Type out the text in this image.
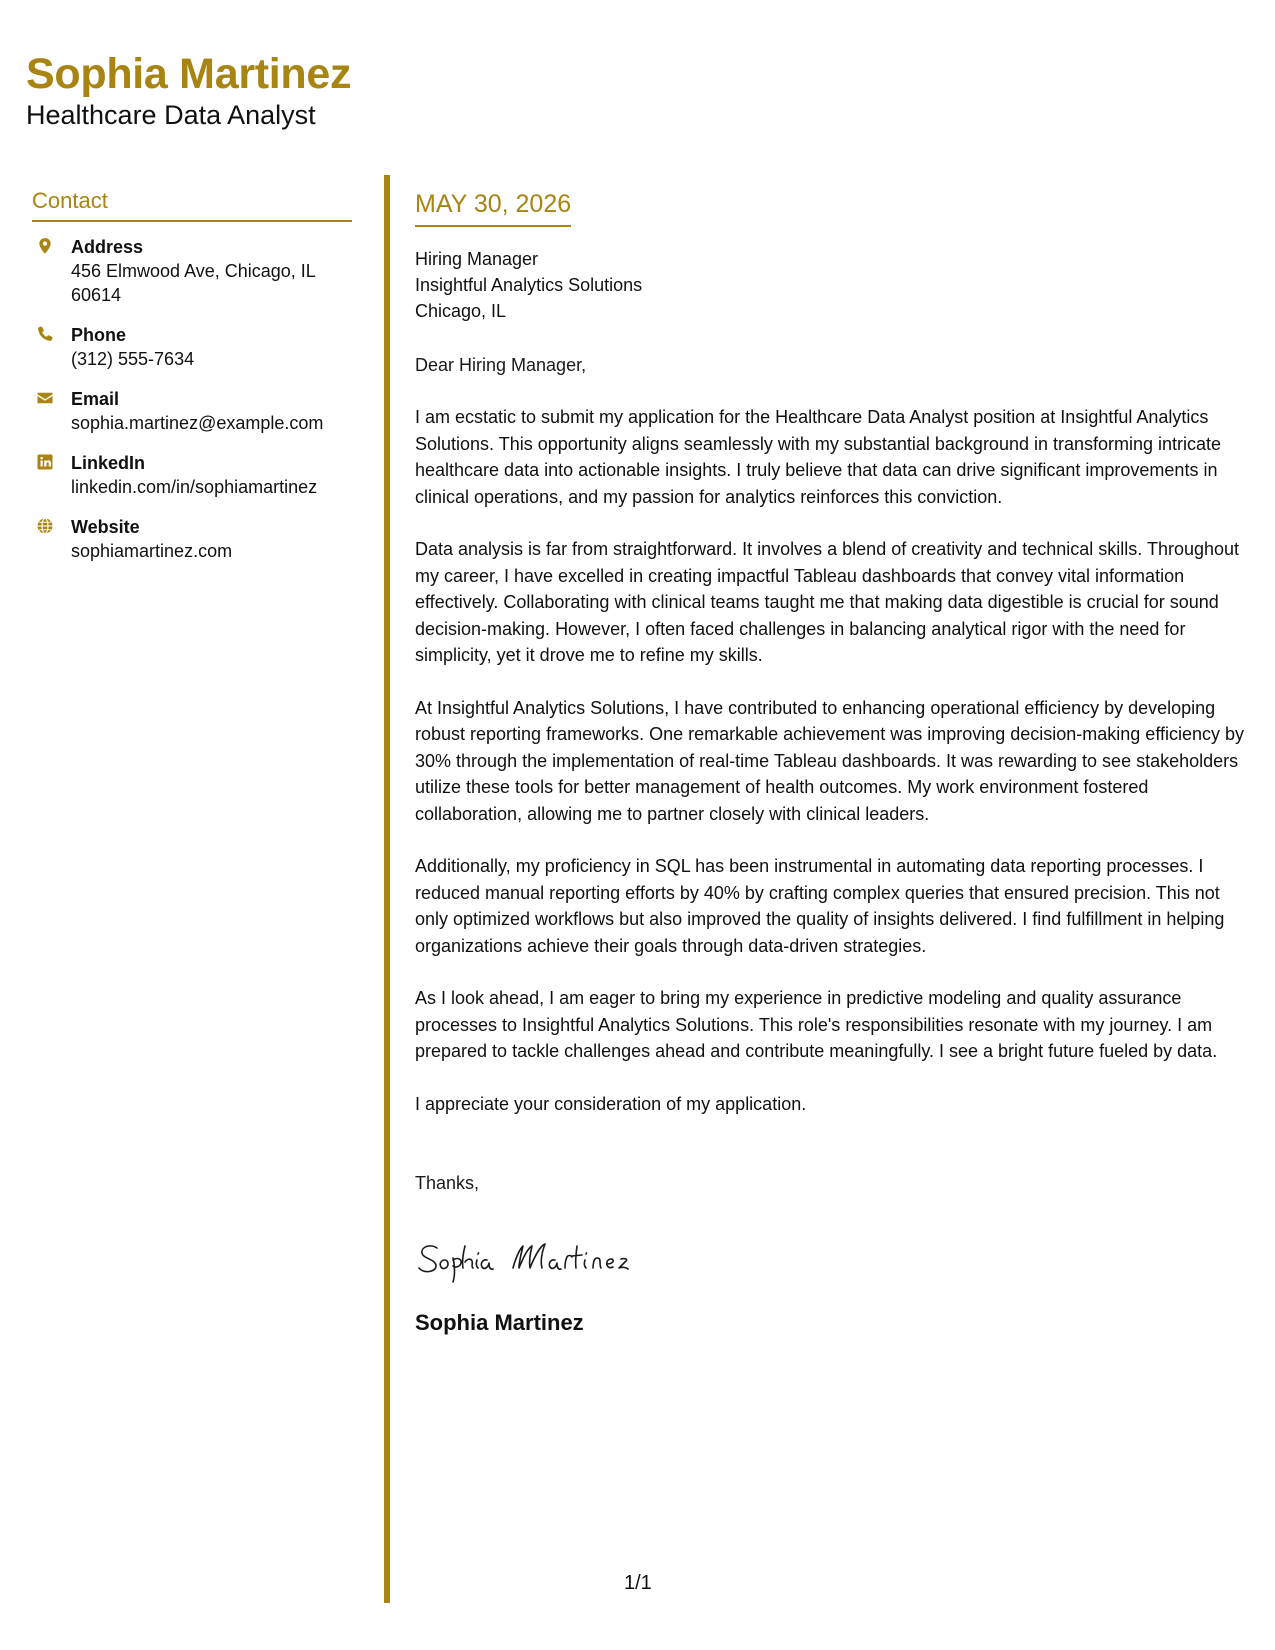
Sophia Martinez
Healthcare Data Analyst
Contact
Address
456 Elmwood Ave, Chicago, IL 60614
Phone
(312) 555-7634
Email
sophia.martinez@example.com
LinkedIn
linkedin.com/in/sophiamartinez
Website
sophiamartinez.com
MAY 30, 2026
Hiring Manager
Insightful Analytics Solutions
Chicago, IL
Dear Hiring Manager,
I am ecstatic to submit my application for the Healthcare Data Analyst position at Insightful Analytics Solutions. This opportunity aligns seamlessly with my substantial background in transforming intricate healthcare data into actionable insights. I truly believe that data can drive significant improvements in clinical operations, and my passion for analytics reinforces this conviction.
Data analysis is far from straightforward. It involves a blend of creativity and technical skills. Throughout my career, I have excelled in creating impactful Tableau dashboards that convey vital information effectively. Collaborating with clinical teams taught me that making data digestible is crucial for sound decision-making. However, I often faced challenges in balancing analytical rigor with the need for simplicity, yet it drove me to refine my skills.
At Insightful Analytics Solutions, I have contributed to enhancing operational efficiency by developing robust reporting frameworks. One remarkable achievement was improving decision-making efficiency by 30% through the implementation of real-time Tableau dashboards. It was rewarding to see stakeholders utilize these tools for better management of health outcomes. My work environment fostered collaboration, allowing me to partner closely with clinical leaders.
Additionally, my proficiency in SQL has been instrumental in automating data reporting processes. I reduced manual reporting efforts by 40% by crafting complex queries that ensured precision. This not only optimized workflows but also improved the quality of insights delivered. I find fulfillment in helping organizations achieve their goals through data-driven strategies.
As I look ahead, I am eager to bring my experience in predictive modeling and quality assurance processes to Insightful Analytics Solutions. This role's responsibilities resonate with my journey. I am prepared to tackle challenges ahead and contribute meaningfully. I see a bright future fueled by data.
I appreciate your consideration of my application.
Thanks,
Sophia Martinez
1/1
